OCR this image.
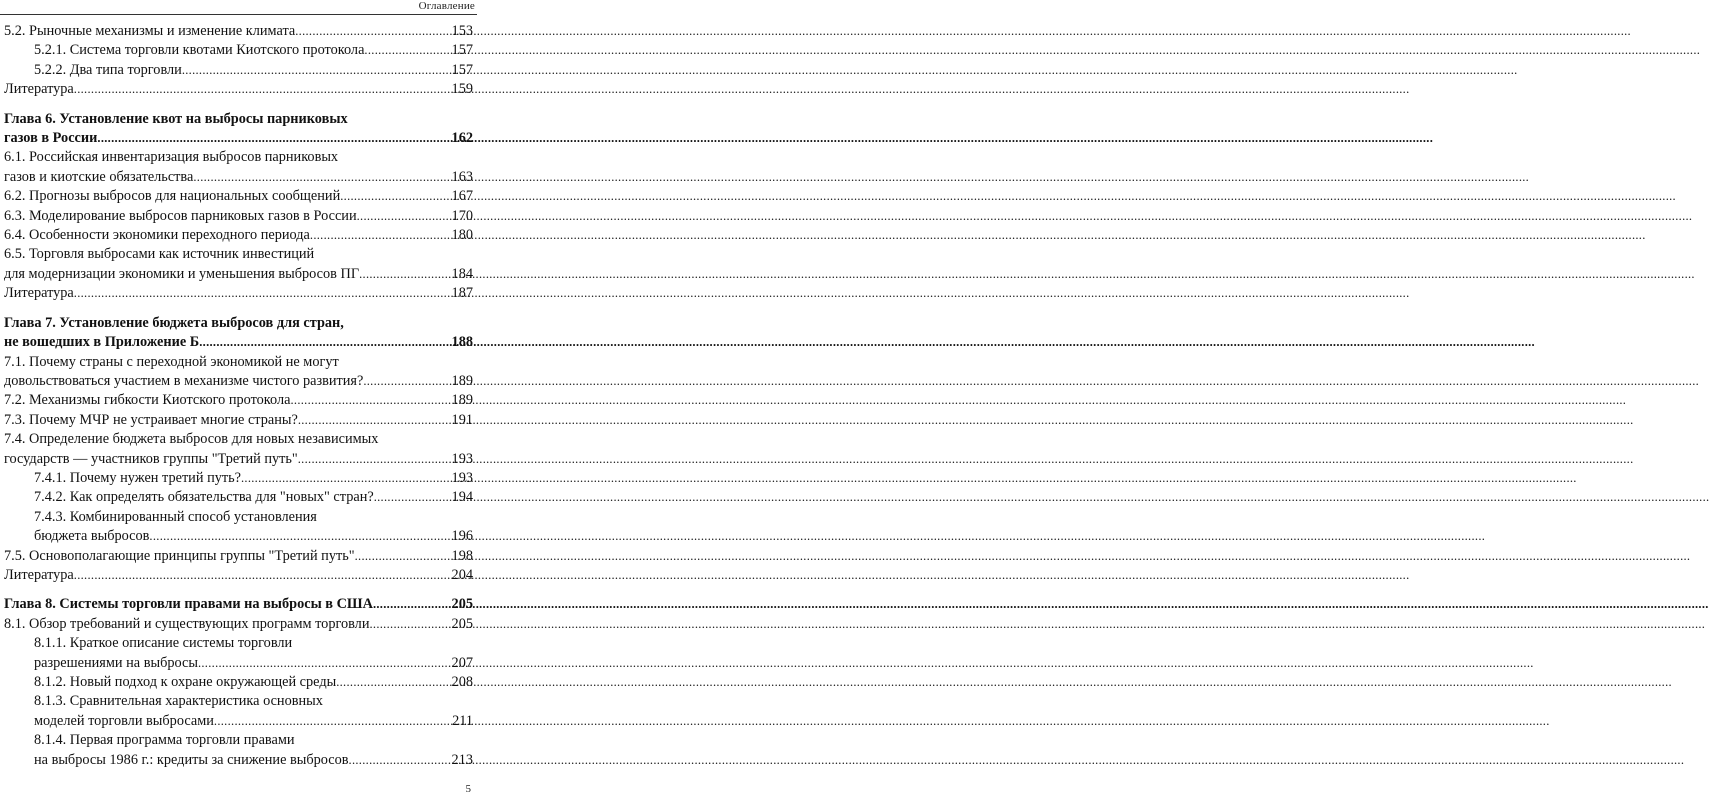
Оглавление
5.2. Рыночные механизмы и изменение климата .....	153
5.2.1. Система торговли квотами Киотского протокола .....	157
5.2.2. Два типа торговли .....	157
Литература .....	159
Глава 6. Установление квот на выбросы парниковых
газов в России .....	162
6.1. Российская инвентаризация выбросов парниковых
газов и киотские обязательства .....	163
6.2. Прогнозы выбросов для национальных сообщений .....	167
6.3. Моделирование выбросов парниковых газов в России .....	170
6.4. Особенности экономики переходного периода .....	180
6.5. Торговля выбросами как источник инвестиций
для модернизации экономики и уменьшения выбросов ПГ .....	184
Литература .....	187
Глава 7. Установление бюджета выбросов для стран,
не вошедших в Приложение Б .....	188
7.1. Почему страны с переходной экономикой не могут
довольствоваться участием в механизме чистого развития? .....	189
7.2. Механизмы гибкости Киотского протокола .....	189
7.3. Почему МЧР не устраивает многие страны? .....	191
7.4. Определение бюджета выбросов для новых независимых
государств — участников группы "Третий путь" .....	193
7.4.1. Почему нужен третий путь? .....	193
7.4.2. Как определять обязательства для "новых" стран? .....	194
7.4.3. Комбинированный способ установления
бюджета выбросов .....	196
7.5. Основополагающие принципы группы "Третий путь" .....	198
Литература .....	204
Глава 8. Системы торговли правами на выбросы в США .....	205
8.1. Обзор требований и существующих программ торговли .....	205
8.1.1. Краткое описание системы торговли
разрешениями на выбросы .....	207
8.1.2. Новый подход к охране окружающей среды .....	208
8.1.3. Сравнительная характеристика основных
моделей торговли выбросами .....	211
8.1.4. Первая программа торговли правами
на выбросы 1986 г.: кредиты за снижение выбросов .....	213
5
